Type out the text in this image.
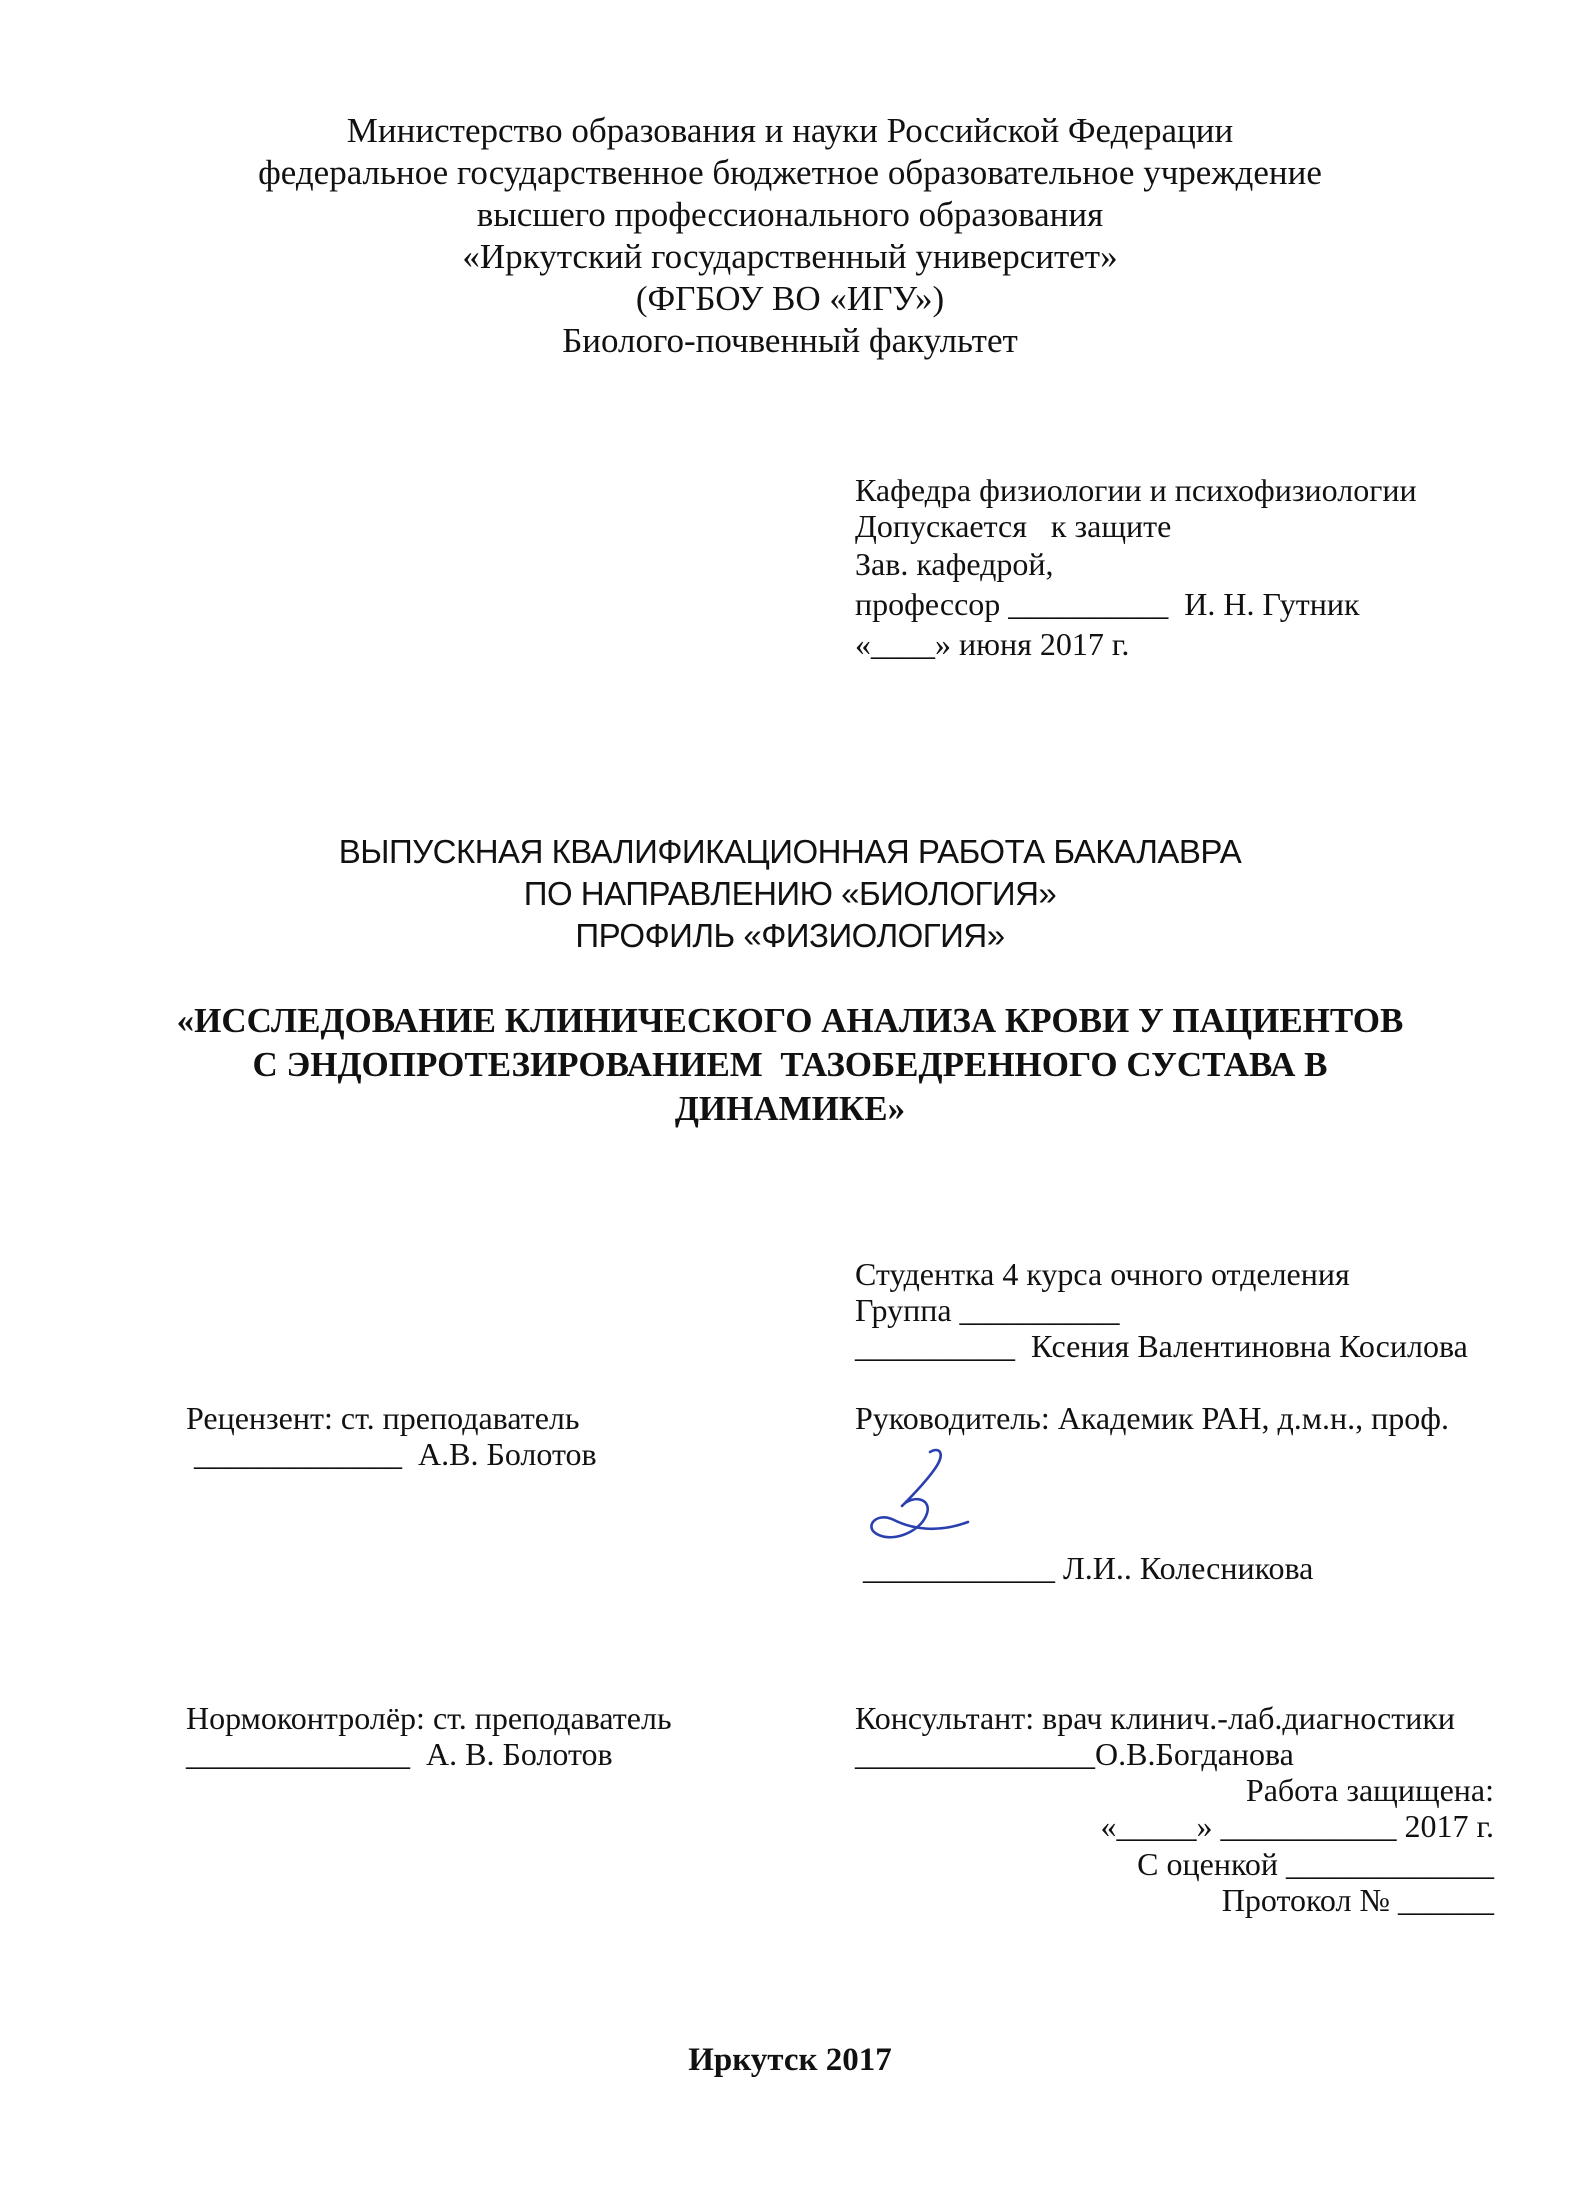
Министерство образования и науки Российской Федерации
федеральное государственное бюджетное образовательное учреждение
высшего профессионального образования
«Иркутский государственный университет»
(ФГБОУ ВО «ИГУ»)
Биолого-почвенный факультет
Кафедра физиологии и психофизиологии
Допускается   к защите
Зав. кафедрой,
профессор __________  И. Н. Гутник
«____» июня 2017 г.
ВЫПУСКНАЯ КВАЛИФИКАЦИОННАЯ РАБОТА БАКАЛАВРА
ПО НАПРАВЛЕНИЮ «БИОЛОГИЯ»
ПРОФИЛЬ «ФИЗИОЛОГИЯ»
«ИССЛЕДОВАНИЕ КЛИНИЧЕСКОГО АНАЛИЗА КРОВИ У ПАЦИЕНТОВ
С ЭНДОПРОТЕЗИРОВАНИЕМ  ТАЗОБЕДРЕННОГО СУСТАВА В
ДИНАМИКЕ»
Студентка 4 курса очного отделения
Группа __________
__________  Ксения Валентиновна Косилова
Рецензент: ст. преподаватель
_____________  А.В. Болотов
Руководитель: Академик РАН, д.м.н., проф.
____________ Л.И.. Колесникова
Нормоконтролёр: ст. преподаватель
______________  А. В. Болотов
Консультант: врач клинич.-лаб.диагностики
_______________О.В.Богданова
Работа защищена:
«_____» ___________ 2017 г.
С оценкой _____________
Протокол № ______
Иркутск 2017
